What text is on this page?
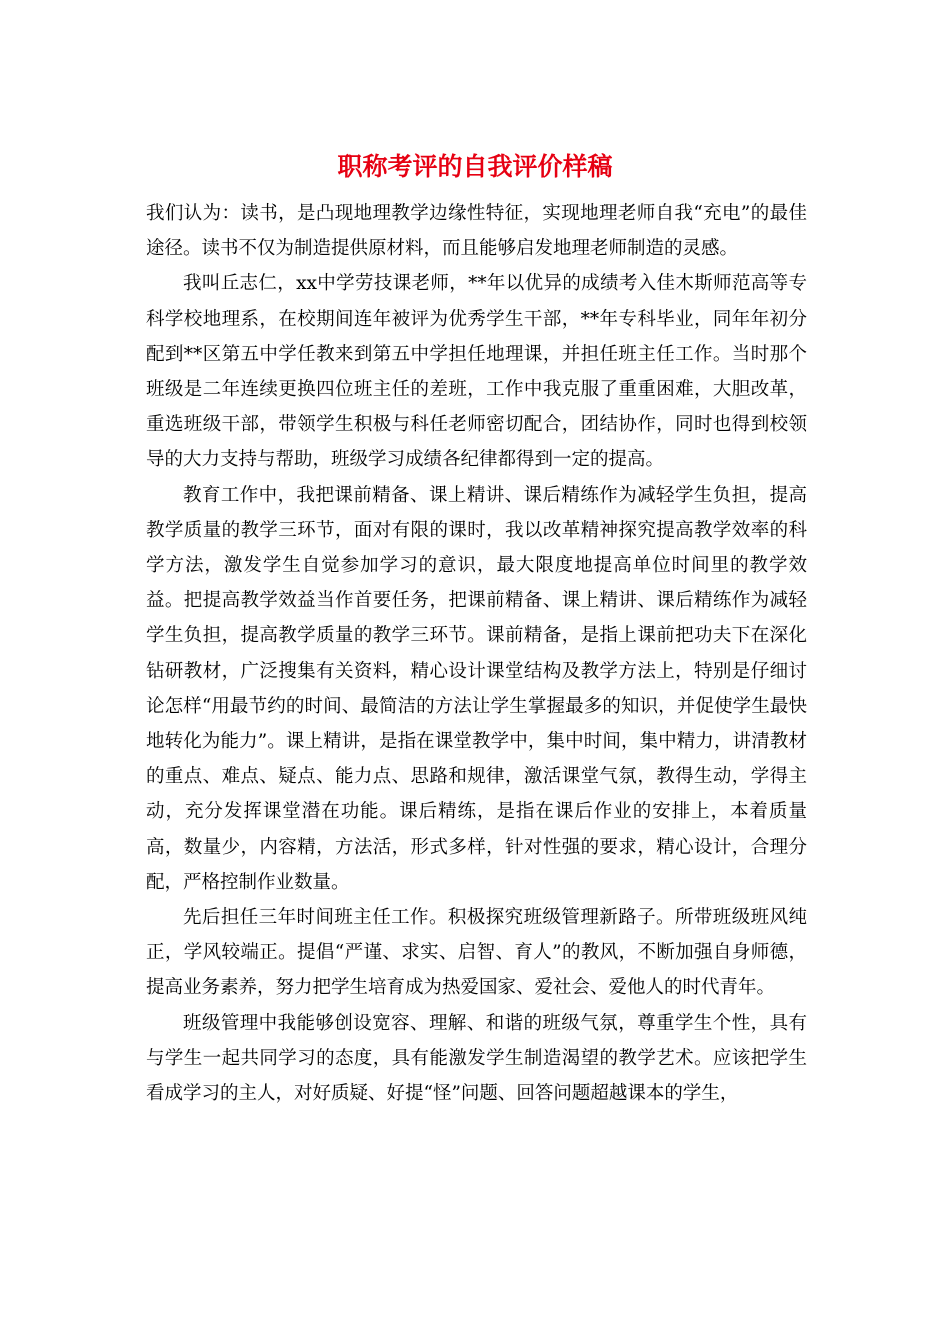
职称考评的自我评价样稿

我们认为：读书，是凸现地理教学边缘性特征，实现地理老师自我“充电”的最佳途径。读书不仅为制造提供原材料，而且能够启发地理老师制造的灵感。

我叫丘志仁，xx中学劳技课老师，**年以优异的成绩考入佳木斯师范高等专科学校地理系，在校期间连年被评为优秀学生干部，**年专科毕业，同年年初分配到**区第五中学任教来到第五中学担任地理课，并担任班主任工作。当时那个班级是二年连续更换四位班主任的差班，工作中我克服了重重困难，大胆改革，重选班级干部，带领学生积极与科任老师密切配合，团结协作，同时也得到校领导的大力支持与帮助，班级学习成绩各纪律都得到一定的提高。

教育工作中，我把课前精备、课上精讲、课后精练作为减轻学生负担，提高教学质量的教学三环节，面对有限的课时，我以改革精神探究提高教学效率的科学方法，激发学生自觉参加学习的意识，最大限度地提高单位时间里的教学效益。把提高教学效益当作首要任务，把课前精备、课上精讲、课后精练作为减轻学生负担，提高教学质量的教学三环节。课前精备，是指上课前把功夫下在深化钻研教材，广泛搜集有关资料，精心设计课堂结构及教学方法上，特别是仔细讨论怎样“用最节约的时间、最简洁的方法让学生掌握最多的知识，并促使学生最快地转化为能力”。课上精讲，是指在课堂教学中，集中时间，集中精力，讲清教材的重点、难点、疑点、能力点、思路和规律，激活课堂气氛，教得生动，学得主动，充分发挥课堂潜在功能。课后精练，是指在课后作业的安排上，本着质量高，数量少，内容精，方法活，形式多样，针对性强的要求，精心设计，合理分配，严格控制作业数量。

先后担任三年时间班主任工作。积极探究班级管理新路子。所带班级班风纯正，学风较端正。提倡“严谨、求实、启智、育人”的教风，不断加强自身师德，提高业务素养，努力把学生培育成为热爱国家、爱社会、爱他人的时代青年。

班级管理中我能够创设宽容、理解、和谐的班级气氛，尊重学生个性，具有与学生一起共同学习的态度，具有能激发学生制造渴望的教学艺术。应该把学生看成学习的主人，对好质疑、好提“怪”问题、回答问题超越课本的学生，
